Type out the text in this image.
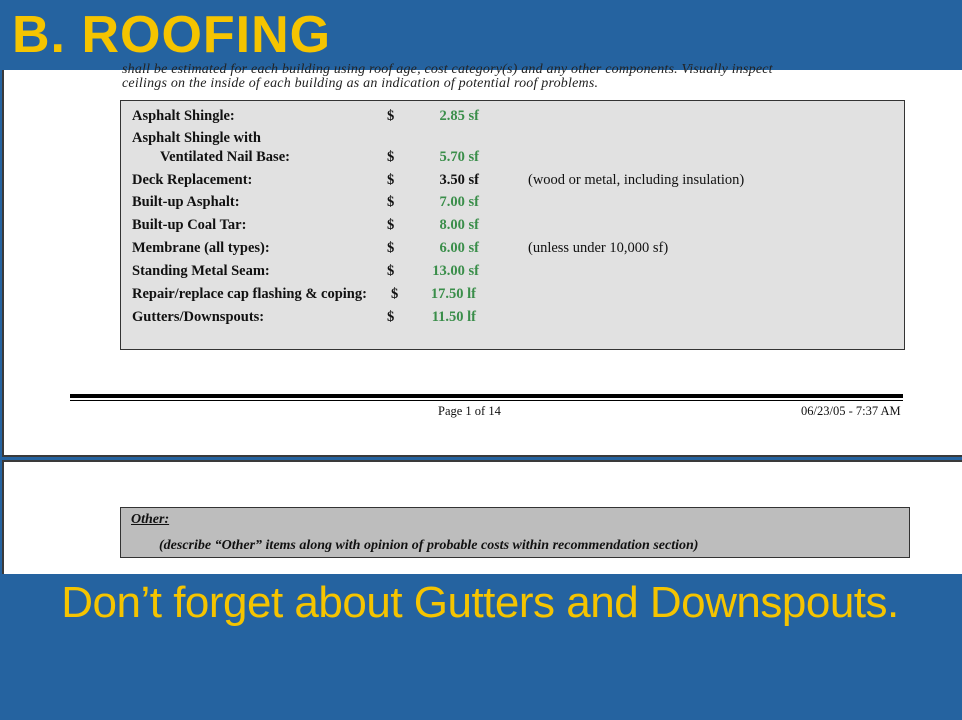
B. ROOFING
shall be estimated for each building using roof age, cost category(s) and any other components. Visually inspect
ceilings on the inside of each building as an indication of potential roof problems.
Asphalt Shingle:	$	2.85 sf
Asphalt Shingle with
Ventilated Nail Base:	$	5.70 sf
Deck Replacement:	$	3.50 sf	(wood or metal, including insulation)
Built-up Asphalt:	$	7.00 sf
Built-up Coal Tar:	$	8.00 sf
Membrane (all types):	$	6.00 sf	(unless under 10,000 sf)
Standing Metal Seam:	$	13.00 sf
Repair/replace cap flashing & coping:	$	17.50 lf
Gutters/Downspouts:	$	11.50 lf
Page 1 of 14	06/23/05 - 7:37 AM
Other:
(describe “Other” items along with opinion of probable costs within recommendation section)
Don’t forget about Gutters and Downspouts.
